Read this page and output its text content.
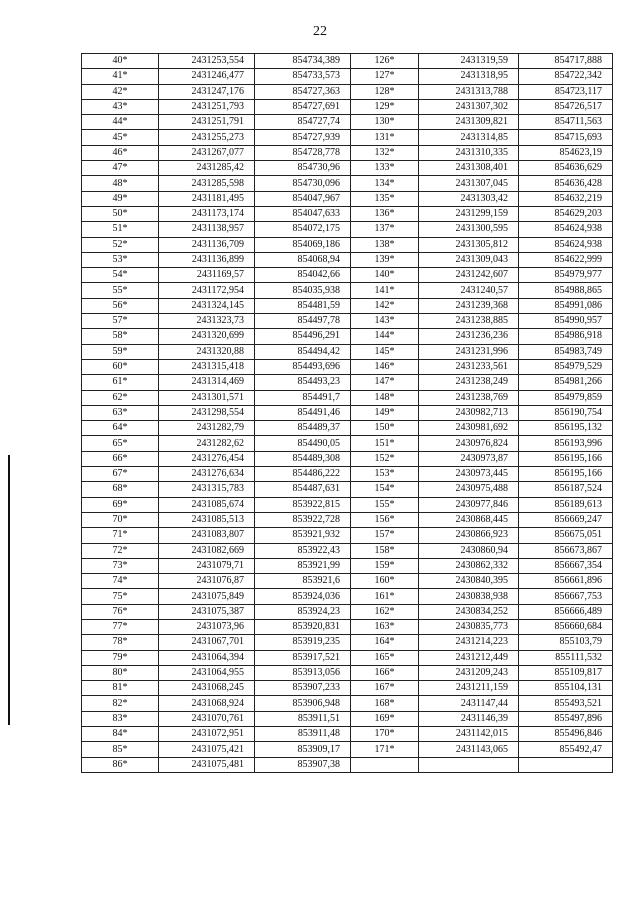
22
40*	2431253,554	854734,389	126*	2431319,59	854717,888
41*	2431246,477	854733,573	127*	2431318,95	854722,342
42*	2431247,176	854727,363	128*	2431313,788	854723,117
43*	2431251,793	854727,691	129*	2431307,302	854726,517
44*	2431251,791	854727,74	130*	2431309,821	854711,563
45*	2431255,273	854727,939	131*	2431314,85	854715,693
46*	2431267,077	854728,778	132*	2431310,335	854623,19
47*	2431285,42	854730,96	133*	2431308,401	854636,629
48*	2431285,598	854730,096	134*	2431307,045	854636,428
49*	2431181,495	854047,967	135*	2431303,42	854632,219
50*	2431173,174	854047,633	136*	2431299,159	854629,203
51*	2431138,957	854072,175	137*	2431300,595	854624,938
52*	2431136,709	854069,186	138*	2431305,812	854624,938
53*	2431136,899	854068,94	139*	2431309,043	854622,999
54*	2431169,57	854042,66	140*	2431242,607	854979,977
55*	2431172,954	854035,938	141*	2431240,57	854988,865
56*	2431324,145	854481,59	142*	2431239,368	854991,086
57*	2431323,73	854497,78	143*	2431238,885	854990,957
58*	2431320,699	854496,291	144*	2431236,236	854986,918
59*	2431320,88	854494,42	145*	2431231,996	854983,749
60*	2431315,418	854493,696	146*	2431233,561	854979,529
61*	2431314,469	854493,23	147*	2431238,249	854981,266
62*	2431301,571	854491,7	148*	2431238,769	854979,859
63*	2431298,554	854491,46	149*	2430982,713	856190,754
64*	2431282,79	854489,37	150*	2430981,692	856195,132
65*	2431282,62	854490,05	151*	2430976,824	856193,996
66*	2431276,454	854489,308	152*	2430973,87	856195,166
67*	2431276,634	854486,222	153*	2430973,445	856195,166
68*	2431315,783	854487,631	154*	2430975,488	856187,524
69*	2431085,674	853922,815	155*	2430977,846	856189,613
70*	2431085,513	853922,728	156*	2430868,445	856669,247
71*	2431083,807	853921,932	157*	2430866,923	856675,051
72*	2431082,669	853922,43	158*	2430860,94	856673,867
73*	2431079,71	853921,99	159*	2430862,332	856667,354
74*	2431076,87	853921,6	160*	2430840,395	856661,896
75*	2431075,849	853924,036	161*	2430838,938	856667,753
76*	2431075,387	853924,23	162*	2430834,252	856666,489
77*	2431073,96	853920,831	163*	2430835,773	856660,684
78*	2431067,701	853919,235	164*	2431214,223	855103,79
79*	2431064,394	853917,521	165*	2431212,449	855111,532
80*	2431064,955	853913,056	166*	2431209,243	855109,817
81*	2431068,245	853907,233	167*	2431211,159	855104,131
82*	2431068,924	853906,948	168*	2431147,44	855493,521
83*	2431070,761	853911,51	169*	2431146,39	855497,896
84*	2431072,951	853911,48	170*	2431142,015	855496,846
85*	2431075,421	853909,17	171*	2431143,065	855492,47
86*	2431075,481	853907,38			
